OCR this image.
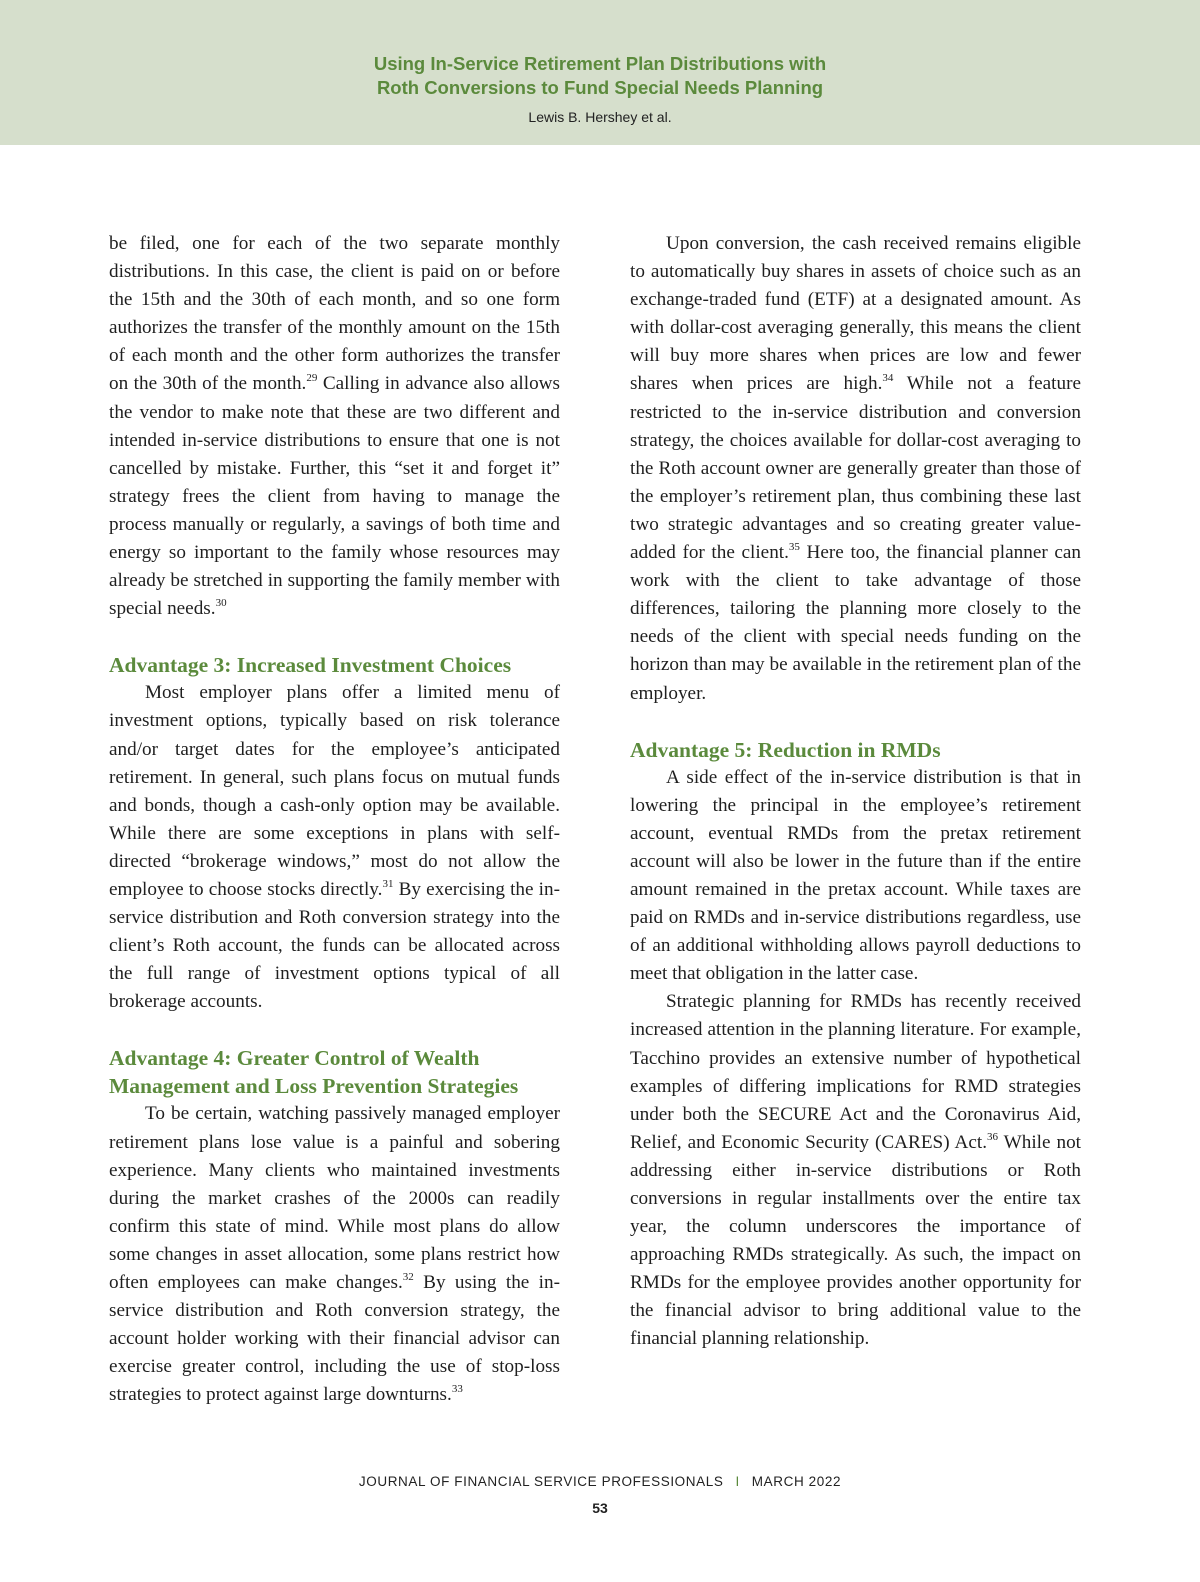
Using In-Service Retirement Plan Distributions with
Roth Conversions to Fund Special Needs Planning
Lewis B. Hershey et al.

be filed, one for each of the two separate monthly distributions. In this case, the client is paid on or before the 15th and the 30th of each month, and so one form authorizes the transfer of the monthly amount on the 15th of each month and the other form authorizes the transfer on the 30th of the month.$^{29}$ Calling in advance also allows the vendor to make note that these are two different and intended in-service distributions to ensure that one is not cancelled by mistake. Further, this “set it and forget it” strategy frees the client from having to manage the process manually or regularly, a savings of both time and energy so important to the family whose resources may already be stretched in supporting the family member with special needs.$^{30}$

Advantage 3: Increased Investment Choices

Most employer plans offer a limited menu of investment options, typically based on risk tolerance and/or target dates for the employee’s anticipated retirement. In general, such plans focus on mutual funds and bonds, though a cash-only option may be available. While there are some exceptions in plans with self-directed “brokerage windows,” most do not allow the employee to choose stocks directly.$^{31}$ By exercising the in-service distribution and Roth conversion strategy into the client’s Roth account, the funds can be allocated across the full range of investment options typical of all brokerage accounts.

Advantage 4: Greater Control of Wealth
Management and Loss Prevention Strategies

To be certain, watching passively managed employer retirement plans lose value is a painful and sobering experience. Many clients who maintained investments during the market crashes of the 2000s can readily confirm this state of mind. While most plans do allow some changes in asset allocation, some plans restrict how often employees can make changes.$^{32}$ By using the in-service distribution and Roth conversion strategy, the account holder working with their financial advisor can exercise greater control, including the use of stop-loss strategies to protect against large downturns.$^{33}$

Upon conversion, the cash received remains eligible to automatically buy shares in assets of choice such as an exchange-traded fund (ETF) at a designated amount. As with dollar-cost averaging generally, this means the client will buy more shares when prices are low and fewer shares when prices are high.$^{34}$ While not a feature restricted to the in-service distribution and conversion strategy, the choices available for dollar-cost averaging to the Roth account owner are generally greater than those of the employer’s retirement plan, thus combining these last two strategic advantages and so creating greater value-added for the client.$^{35}$ Here too, the financial planner can work with the client to take advantage of those differences, tailoring the planning more closely to the needs of the client with special needs funding on the horizon than may be available in the retirement plan of the employer.

Advantage 5: Reduction in RMDs

A side effect of the in-service distribution is that in lowering the principal in the employee’s retirement account, eventual RMDs from the pretax retirement account will also be lower in the future than if the entire amount remained in the pretax account. While taxes are paid on RMDs and in-service distributions regardless, use of an additional withholding allows payroll deductions to meet that obligation in the latter case.

Strategic planning for RMDs has recently received increased attention in the planning literature. For example, Tacchino provides an extensive number of hypothetical examples of differing implications for RMD strategies under both the SECURE Act and the Coronavirus Aid, Relief, and Economic Security (CARES) Act.$^{36}$ While not addressing either in-service distributions or Roth conversions in regular installments over the entire tax year, the column underscores the importance of approaching RMDs strategically. As such, the impact on RMDs for the employee provides another opportunity for the financial advisor to bring additional value to the financial planning relationship.

JOURNAL OF FINANCIAL SERVICE PROFESSIONALS I MARCH 2022
53
